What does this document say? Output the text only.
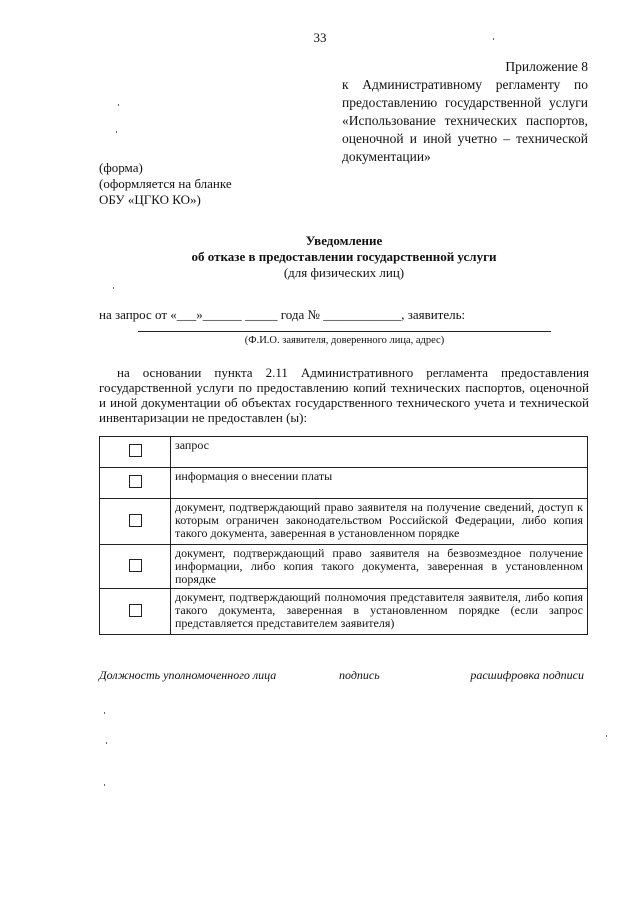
33
Приложение 8
к Административному регламенту по предоставлению государственной услуги «Использование технических паспортов, оценочной и иной учетно – технической документации»
(форма)
(оформляется на бланке
ОБУ «ЦГКО КО»)
Уведомление
об отказе в предоставлении государственной услуги
(для физических лиц)
на запрос от «___»______ _____ года № ____________, заявитель:
(Ф.И.О. заявителя, доверенного лица, адрес)
на основании пункта 2.11 Административного регламента предоставления государственной услуги по предоставлению копий технических паспортов, оценочной и иной документации об объектах государственного технического учета и технической инвентаризации не предоставлен (ы):
	запрос
	информация о внесении платы
	документ, подтверждающий право заявителя на получение сведений, доступ к которым ограничен законодательством Российской Федерации, либо копия такого документа, заверенная в установленном порядке
	документ, подтверждающий право заявителя на безвозмездное получение информации, либо копия такого документа, заверенная в установленном порядке
	документ, подтверждающий полномочия представителя заявителя, либо копия такого документа, заверенная в установленном порядке (если запрос представляется представителем заявителя)
Должность уполномоченного лица	подпись	расшифровка подписи
